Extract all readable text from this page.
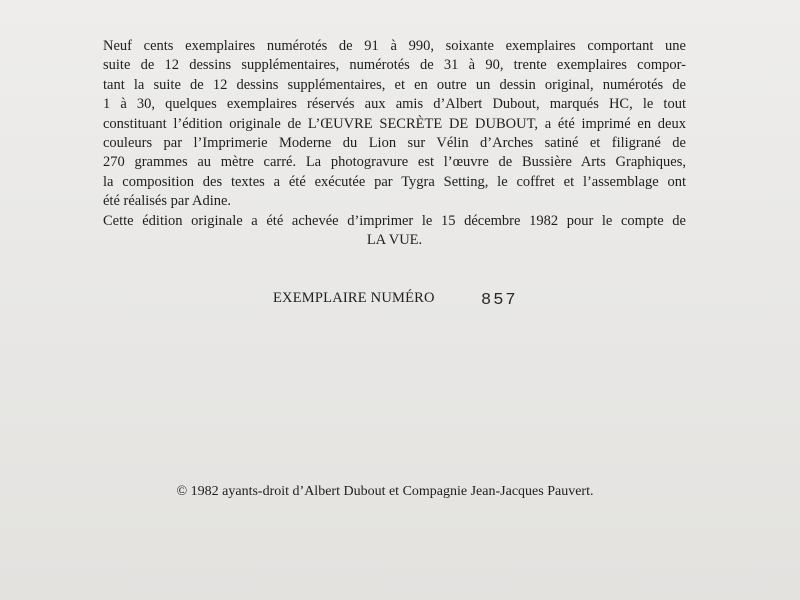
Neuf cents exemplaires numérotés de 91 à 990, soixante exemplaires comportant une
suite de 12 dessins supplémentaires, numérotés de 31 à 90, trente exemplaires compor-
tant la suite de 12 dessins supplémentaires, et en outre un dessin original, numérotés de
1 à 30, quelques exemplaires réservés aux amis d’Albert Dubout, marqués HC, le tout
constituant l’édition originale de L’ŒUVRE SECRÈTE DE DUBOUT, a été imprimé en deux
couleurs par l’Imprimerie Moderne du Lion sur Vélin d’Arches satiné et filigrané de
270 grammes au mètre carré. La photogravure est l’œuvre de Bussière Arts Graphiques,
la composition des textes a été exécutée par Tygra Setting, le coffret et l’assemblage ont
été réalisés par Adine.
Cette édition originale a été achevée d’imprimer le 15 décembre 1982 pour le compte de
LA VUE.
EXEMPLAIRE NUMÉRO	857
© 1982 ayants-droit d’Albert Dubout et Compagnie Jean-Jacques Pauvert.
